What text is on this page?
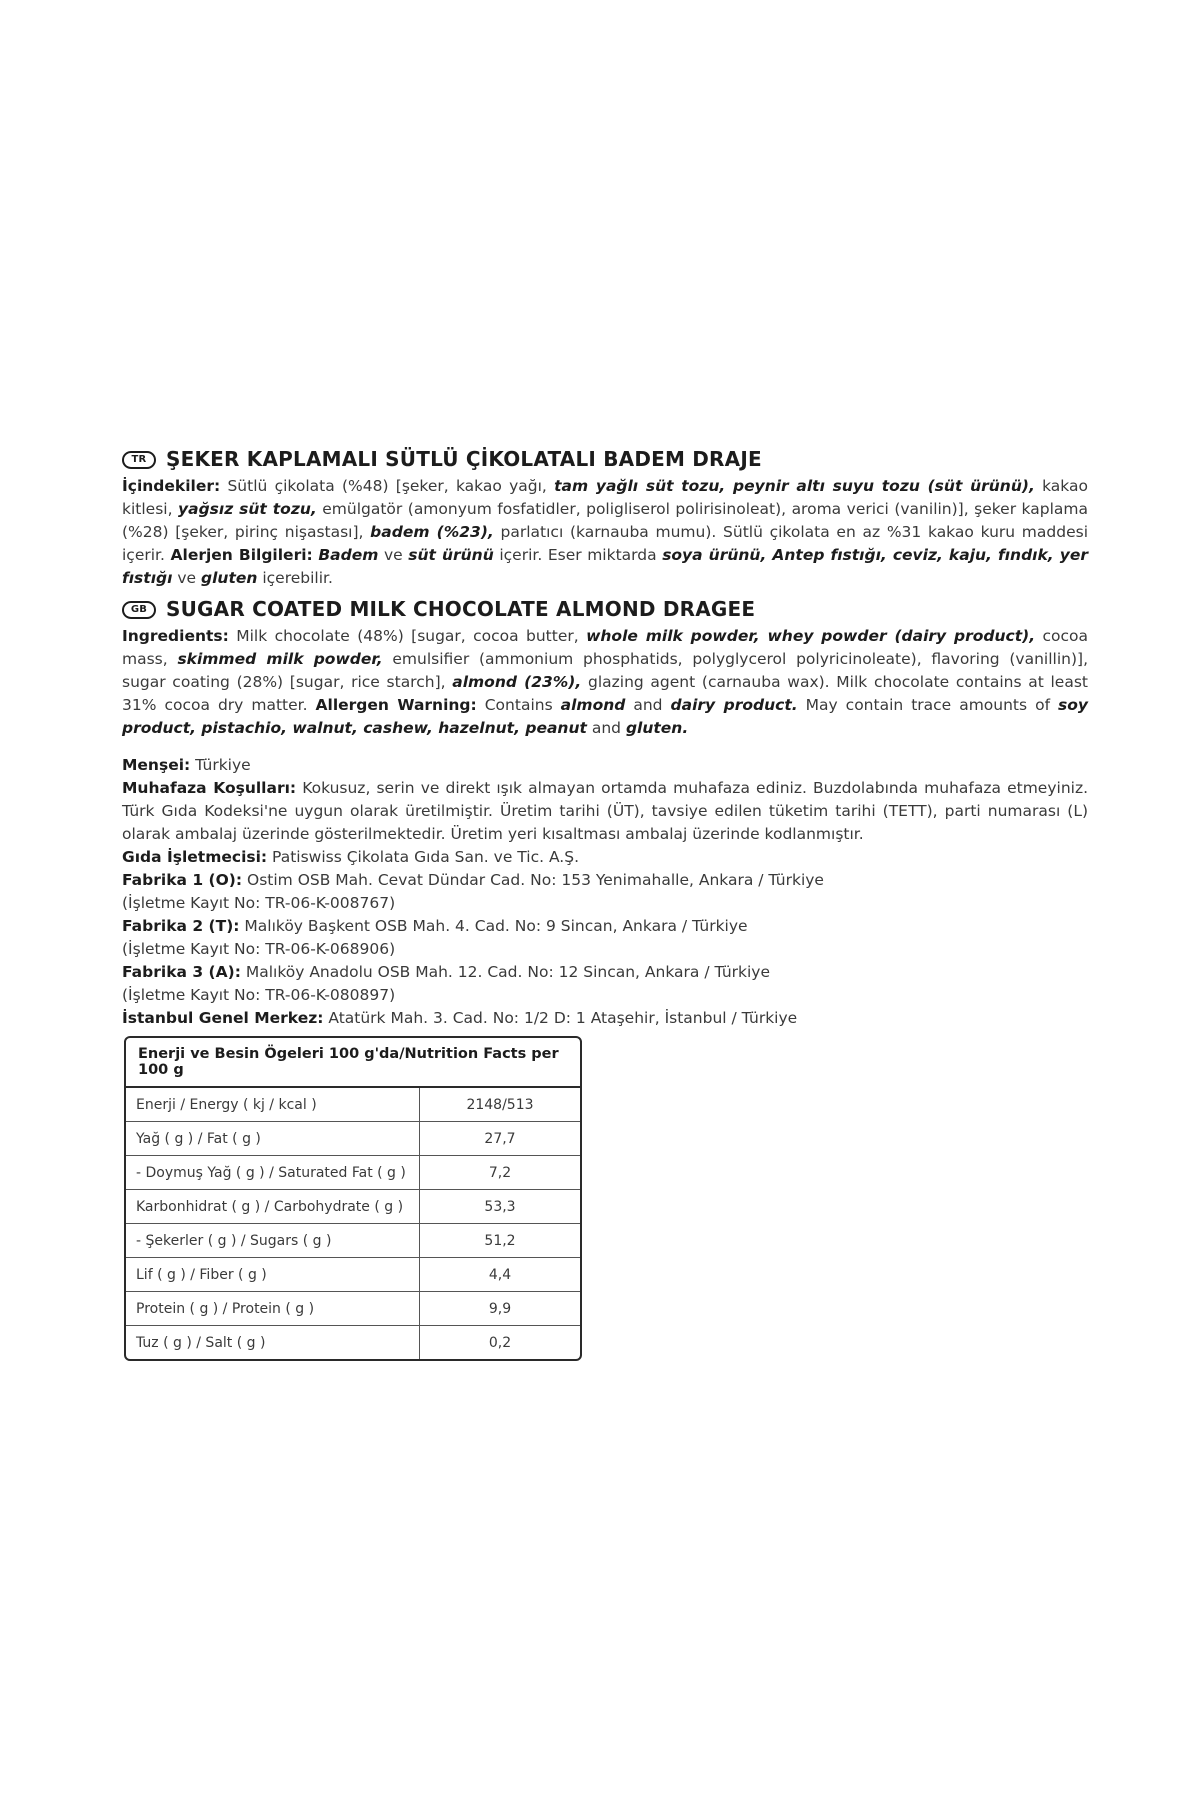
TR ŞEKER KAPLAMALI SÜTLÜ ÇİKOLATALI BADEM DRAJE

İçindekiler: Sütlü çikolata (%48) [şeker, kakao yağı, tam yağlı süt tozu, peynir altı suyu tozu (süt ürünü), kakao kitlesi, yağsız süt tozu, emülgatör (amonyum fosfatidler, poligliserol polirisinoleat), aroma verici (vanilin)], şeker kaplama (%28) [şeker, pirinç nişastası], badem (%23), parlatıcı (karnauba mumu). Sütlü çikolata en az %31 kakao kuru maddesi içerir. Alerjen Bilgileri: Badem ve süt ürünü içerir. Eser miktarda soya ürünü, Antep fıstığı, ceviz, kaju, fındık, yer fıstığı ve gluten içerebilir.

GB SUGAR COATED MILK CHOCOLATE ALMOND DRAGEE

Ingredients: Milk chocolate (48%) [sugar, cocoa butter, whole milk powder, whey powder (dairy product), cocoa mass, skimmed milk powder, emulsifier (ammonium phosphatids, polyglycerol polyricinoleate), flavoring (vanillin)], sugar coating (28%) [sugar, rice starch], almond (23%), glazing agent (carnauba wax). Milk chocolate contains at least 31% cocoa dry matter. Allergen Warning: Contains almond and dairy product. May contain trace amounts of soy product, pistachio, walnut, cashew, hazelnut, peanut and gluten.

Menşei: Türkiye

Muhafaza Koşulları: Kokusuz, serin ve direkt ışık almayan ortamda muhafaza ediniz. Buzdolabında muhafaza etmeyiniz. Türk Gıda Kodeksi'ne uygun olarak üretilmiştir. Üretim tarihi (ÜT), tavsiye edilen tüketim tarihi (TETT), parti numarası (L) olarak ambalaj üzerinde gösterilmektedir. Üretim yeri kısaltması ambalaj üzerinde kodlanmıştır.

Gıda İşletmecisi: Patiswiss Çikolata Gıda San. ve Tic. A.Ş.

Fabrika 1 (O): Ostim OSB Mah. Cevat Dündar Cad. No: 153 Yenimahalle, Ankara / Türkiye

(İşletme Kayıt No: TR-06-K-008767)

Fabrika 2 (T): Malıköy Başkent OSB Mah. 4. Cad. No: 9 Sincan, Ankara / Türkiye

(İşletme Kayıt No: TR-06-K-068906)

Fabrika 3 (A): Malıköy Anadolu OSB Mah. 12. Cad. No: 12 Sincan, Ankara / Türkiye

(İşletme Kayıt No: TR-06-K-080897)

İstanbul Genel Merkez: Atatürk Mah. 3. Cad. No: 1/2 D: 1 Ataşehir, İstanbul / Türkiye

Enerji ve Besin Ögeleri 100 g'da/Nutrition Facts per 100 g
Enerji / Energy ( kj / kcal )	2148/513
Yağ ( g ) / Fat ( g )	27,7
- Doymuş Yağ ( g ) / Saturated Fat ( g )	7,2
Karbonhidrat ( g ) / Carbohydrate ( g )	53,3
- Şekerler ( g ) / Sugars ( g )	51,2
Lif ( g ) / Fiber ( g )	4,4
Protein ( g ) / Protein ( g )	9,9
Tuz ( g ) / Salt ( g )	0,2
